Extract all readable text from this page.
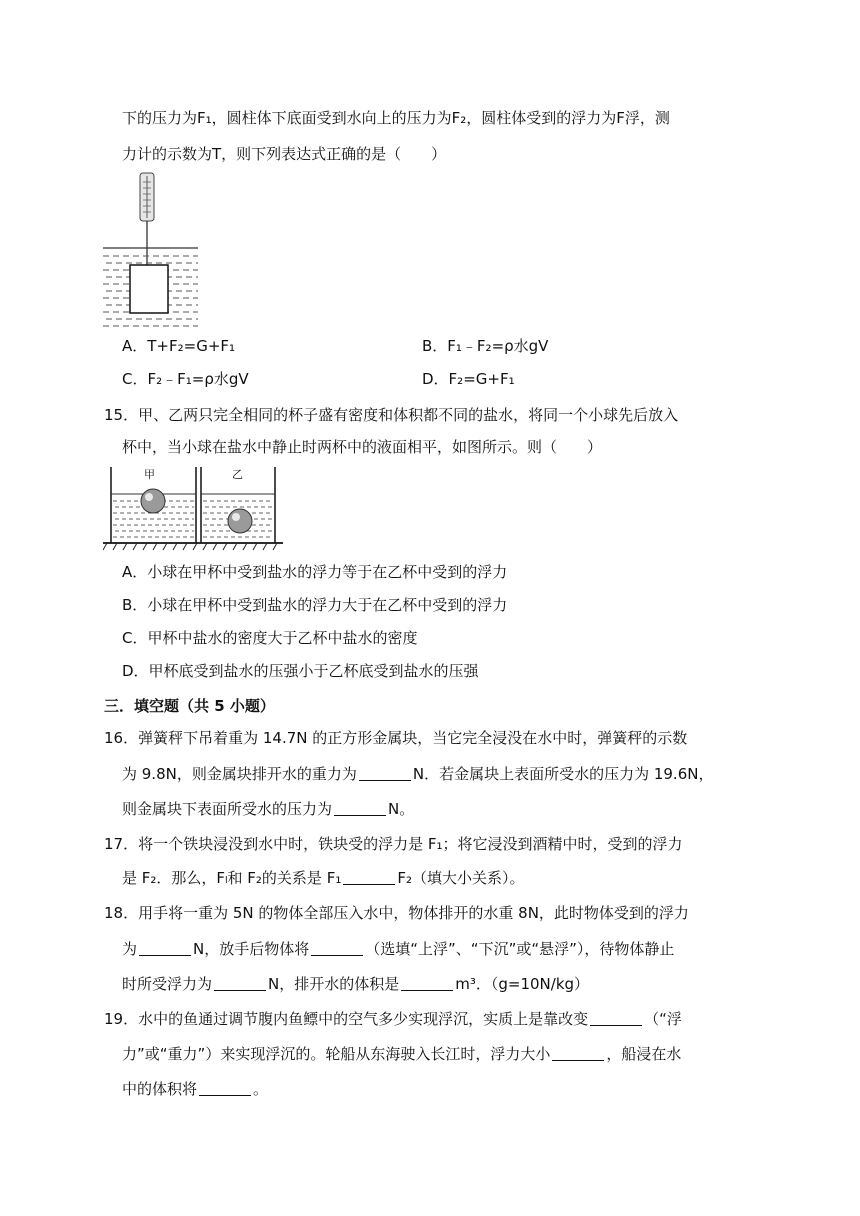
下的压力为F₁，圆柱体下底面受到水向上的压力为F₂，圆柱体受到的浮力为F浮，测
力计的示数为T，则下列表达式正确的是（　　）
A．T+F₂=G+F₁	B．F₁﹣F₂=ρ水gV
C．F₂﹣F₁=ρ水gV	D．F₂=G+F₁
15．甲、乙两只完全相同的杯子盛有密度和体积都不同的盐水，将同一个小球先后放入
杯中，当小球在盐水中静止时两杯中的液面相平，如图所示。则（　　）
甲	乙
A．小球在甲杯中受到盐水的浮力等于在乙杯中受到的浮力
B．小球在甲杯中受到盐水的浮力大于在乙杯中受到的浮力
C．甲杯中盐水的密度大于乙杯中盐水的密度
D．甲杯底受到盐水的压强小于乙杯底受到盐水的压强
三．填空题（共 5 小题）
16．弹簧秤下吊着重为 14.7N 的正方形金属块，当它完全浸没在水中时，弹簧秤的示数
为 9.8N，则金属块排开水的重力为	N．若金属块上表面所受水的压力为 19.6N，
则金属块下表面所受水的压力为	N。
17．将一个铁块浸没到水中时，铁块受的浮力是 F₁；将它浸没到酒精中时，受到的浮力
是 F₂．那么，Fₗ和 F₂的关系是 F₁	F₂（填大小关系）。
18．用手将一重为 5N 的物体全部压入水中，物体排开的水重 8N，此时物体受到的浮力
为	N，放手后物体将	（选填“上浮”、“下沉”或“悬浮”），待物体静止
时所受浮力为	N，排开水的体积是	m³．（g=10N/kg）
19．水中的鱼通过调节腹内鱼鳔中的空气多少实现浮沉，实质上是靠改变	（“浮
力”或“重力”）来实现浮沉的。轮船从东海驶入长江时，浮力大小	，船浸在水
中的体积将	。
